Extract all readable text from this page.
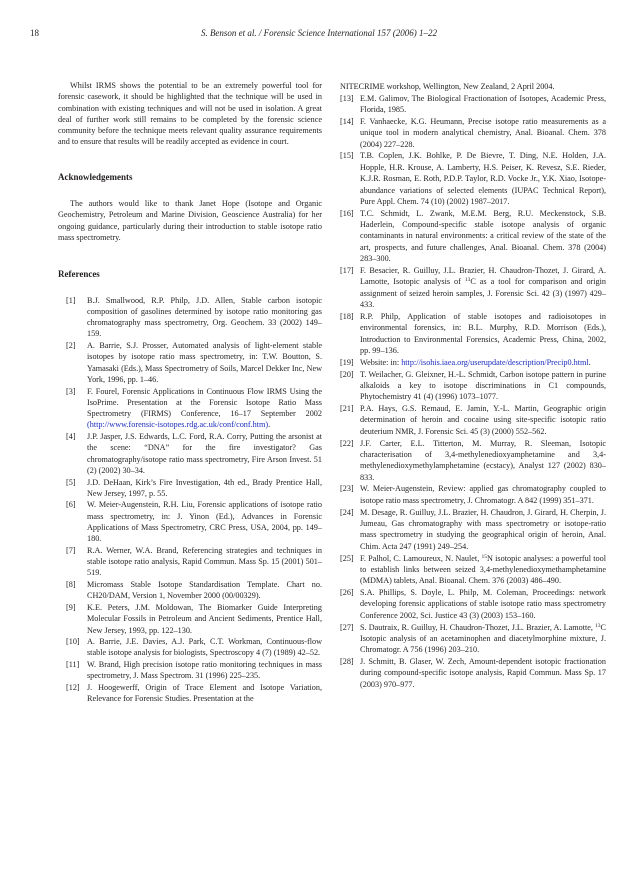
18	S. Benson et al. / Forensic Science International 157 (2006) 1–22

Whilst IRMS shows the potential to be an extremely powerful tool for forensic casework, it should be highlighted that the technique will be used in combination with existing techniques and will not be used in isolation. A great deal of further work still remains to be completed by the forensic science community before the technique meets relevant quality assurance requirements and to ensure that results will be readily accepted as evidence in court.

Acknowledgements

The authors would like to thank Janet Hope (Isotope and Organic Geochemistry, Petroleum and Marine Division, Geoscience Australia) for her ongoing guidance, particularly during their introduction to stable isotope ratio mass spectrometry.

References

[1] B.J. Smallwood, R.P. Philp, J.D. Allen, Stable carbon isotopic composition of gasolines determined by isotope ratio monitoring gas chromatography mass spectrometry, Org. Geochem. 33 (2002) 149–159.

[2] A. Barrie, S.J. Prosser, Automated analysis of light-element stable isotopes by isotope ratio mass spectrometry, in: T.W. Boutton, S. Yamasaki (Eds.), Mass Spectrometry of Soils, Marcel Dekker Inc, New York, 1996, pp. 1–46.

[3] F. Fourel, Forensic Applications in Continuous Flow IRMS Using the IsoPrime. Presentation at the Forensic Isotope Ratio Mass Spectrometry (FIRMS) Conference, 16–17 September 2002 (http://www.forensic-isotopes.rdg.ac.uk/conf/conf.htm).

[4] J.P. Jasper, J.S. Edwards, L.C. Ford, R.A. Corry, Putting the arsonist at the scene: “DNA” for the fire investigator? Gas chromatography/isotope ratio mass spectrometry, Fire Arson Invest. 51 (2) (2002) 30–34.

[5] J.D. DeHaan, Kirk’s Fire Investigation, 4th ed., Brady Prentice Hall, New Jersey, 1997, p. 55.

[6] W. Meier-Augenstein, R.H. Liu, Forensic applications of isotope ratio mass spectrometry, in: J. Yinon (Ed.), Advances in Forensic Applications of Mass Spectrometry, CRC Press, USA, 2004, pp. 149–180.

[7] R.A. Werner, W.A. Brand, Referencing strategies and techniques in stable isotope ratio analysis, Rapid Commun. Mass Sp. 15 (2001) 501–519.

[8] Micromass Stable Isotope Standardisation Template. Chart no. CH20/DAM, Version 1, November 2000 (00/00329).

[9] K.E. Peters, J.M. Moldowan, The Biomarker Guide Interpreting Molecular Fossils in Petroleum and Ancient Sediments, Prentice Hall, New Jersey, 1993, pp. 122–130.

[10] A. Barrie, J.E. Davies, A.J. Park, C.T. Workman, Continuous-flow stable isotope analysis for biologists, Spectroscopy 4 (7) (1989) 42–52.

[11] W. Brand, High precision isotope ratio monitoring techniques in mass spectrometry, J. Mass Spectrom. 31 (1996) 225–235.

[12] J. Hoogewerff, Origin of Trace Element and Isotope Variation, Relevance for Forensic Studies. Presentation at the

NITECRIME workshop, Wellington, New Zealand, 2 April 2004.

[13] E.M. Galimov, The Biological Fractionation of Isotopes, Academic Press, Florida, 1985.

[14] F. Vanhaecke, K.G. Heumann, Precise isotope ratio measurements as a unique tool in modern analytical chemistry, Anal. Bioanal. Chem. 378 (2004) 227–228.

[15] T.B. Coplen, J.K. Bohlke, P. De Bievre, T. Ding, N.E. Holden, J.A. Hopple, H.R. Krouse, A. Lamberty, H.S. Peiser, K. Revesz, S.E. Rieder, K.J.R. Rosman, E. Roth, P.D.P. Taylor, R.D. Vocke Jr., Y.K. Xiao, Isotope-abundance variations of selected elements (IUPAC Technical Report), Pure Appl. Chem. 74 (10) (2002) 1987–2017.

[16] T.C. Schmidt, L. Zwank, M.E.M. Berg, R.U. Meckenstock, S.B. Haderlein, Compound-specific stable isotope analysis of organic contaminants in natural environments: a critical review of the state of the art, prospects, and future challenges, Anal. Bioanal. Chem. 378 (2004) 283–300.

[17] F. Besacier, R. Guilluy, J.L. Brazier, H. Chaudron-Thozet, J. Girard, A. Lamotte, Isotopic analysis of $^{13}$C as a tool for comparison and origin assignment of seized heroin samples, J. Forensic Sci. 42 (3) (1997) 429–433.

[18] R.P. Philp, Application of stable isotopes and radioisotopes in environmental forensics, in: B.L. Murphy, R.D. Morrison (Eds.), Introduction to Environmental Forensics, Academic Press, China, 2002, pp. 99–136.

[19] Website: in: http://isohis.iaea.org/userupdate/description/Precip0.html.

[20] T. Weilacher, G. Gleixner, H.-L. Schmidt, Carbon isotope pattern in purine alkaloids a key to isotope discriminations in C1 compounds, Phytochemistry 41 (4) (1996) 1073–1077.

[21] P.A. Hays, G.S. Remaud, E. Jamin, Y.-L. Martin, Geographic origin determination of heroin and cocaine using site-specific isotopic ratio deuterium NMR, J. Forensic Sci. 45 (3) (2000) 552–562.

[22] J.F. Carter, E.L. Titterton, M. Murray, R. Sleeman, Isotopic characterisation of 3,4-methylenedioxyamphetamine and 3,4-methylenedioxymethylamphetamine (ecstacy), Analyst 127 (2002) 830–833.

[23] W. Meier-Augenstein, Review: applied gas chromatography coupled to isotope ratio mass spectrometry, J. Chromatogr. A 842 (1999) 351–371.

[24] M. Desage, R. Guilluy, J.L. Brazier, H. Chaudron, J. Girard, H. Cherpin, J. Jumeau, Gas chromatography with mass spectrometry or isotope-ratio mass spectrometry in studying the geographical origin of heroin, Anal. Chim. Acta 247 (1991) 249–254.

[25] F. Palhol, C. Lamoureux, N. Naulet, $^{15}$N isotopic analyses: a powerful tool to establish links between seized 3,4-methylenedioxymethamphetamine (MDMA) tablets, Anal. Bioanal. Chem. 376 (2003) 486–490.

[26] S.A. Phillips, S. Doyle, L. Philp, M. Coleman, Proceedings: network developing forensic applications of stable isotope ratio mass spectrometry Conference 2002, Sci. Justice 43 (3) (2003) 153–160.

[27] S. Dautraix, R. Guilluy, H. Chaudron-Thozet, J.L. Brazier, A. Lamotte, $^{13}$C Isotopic analysis of an acetaminophen and diacetylmorphine mixture, J. Chromatogr. A 756 (1996) 203–210.

[28] J. Schmitt, B. Glaser, W. Zech, Amount-dependent isotopic fractionation during compound-specific isotope analysis, Rapid Commun. Mass Sp. 17 (2003) 970–977.
